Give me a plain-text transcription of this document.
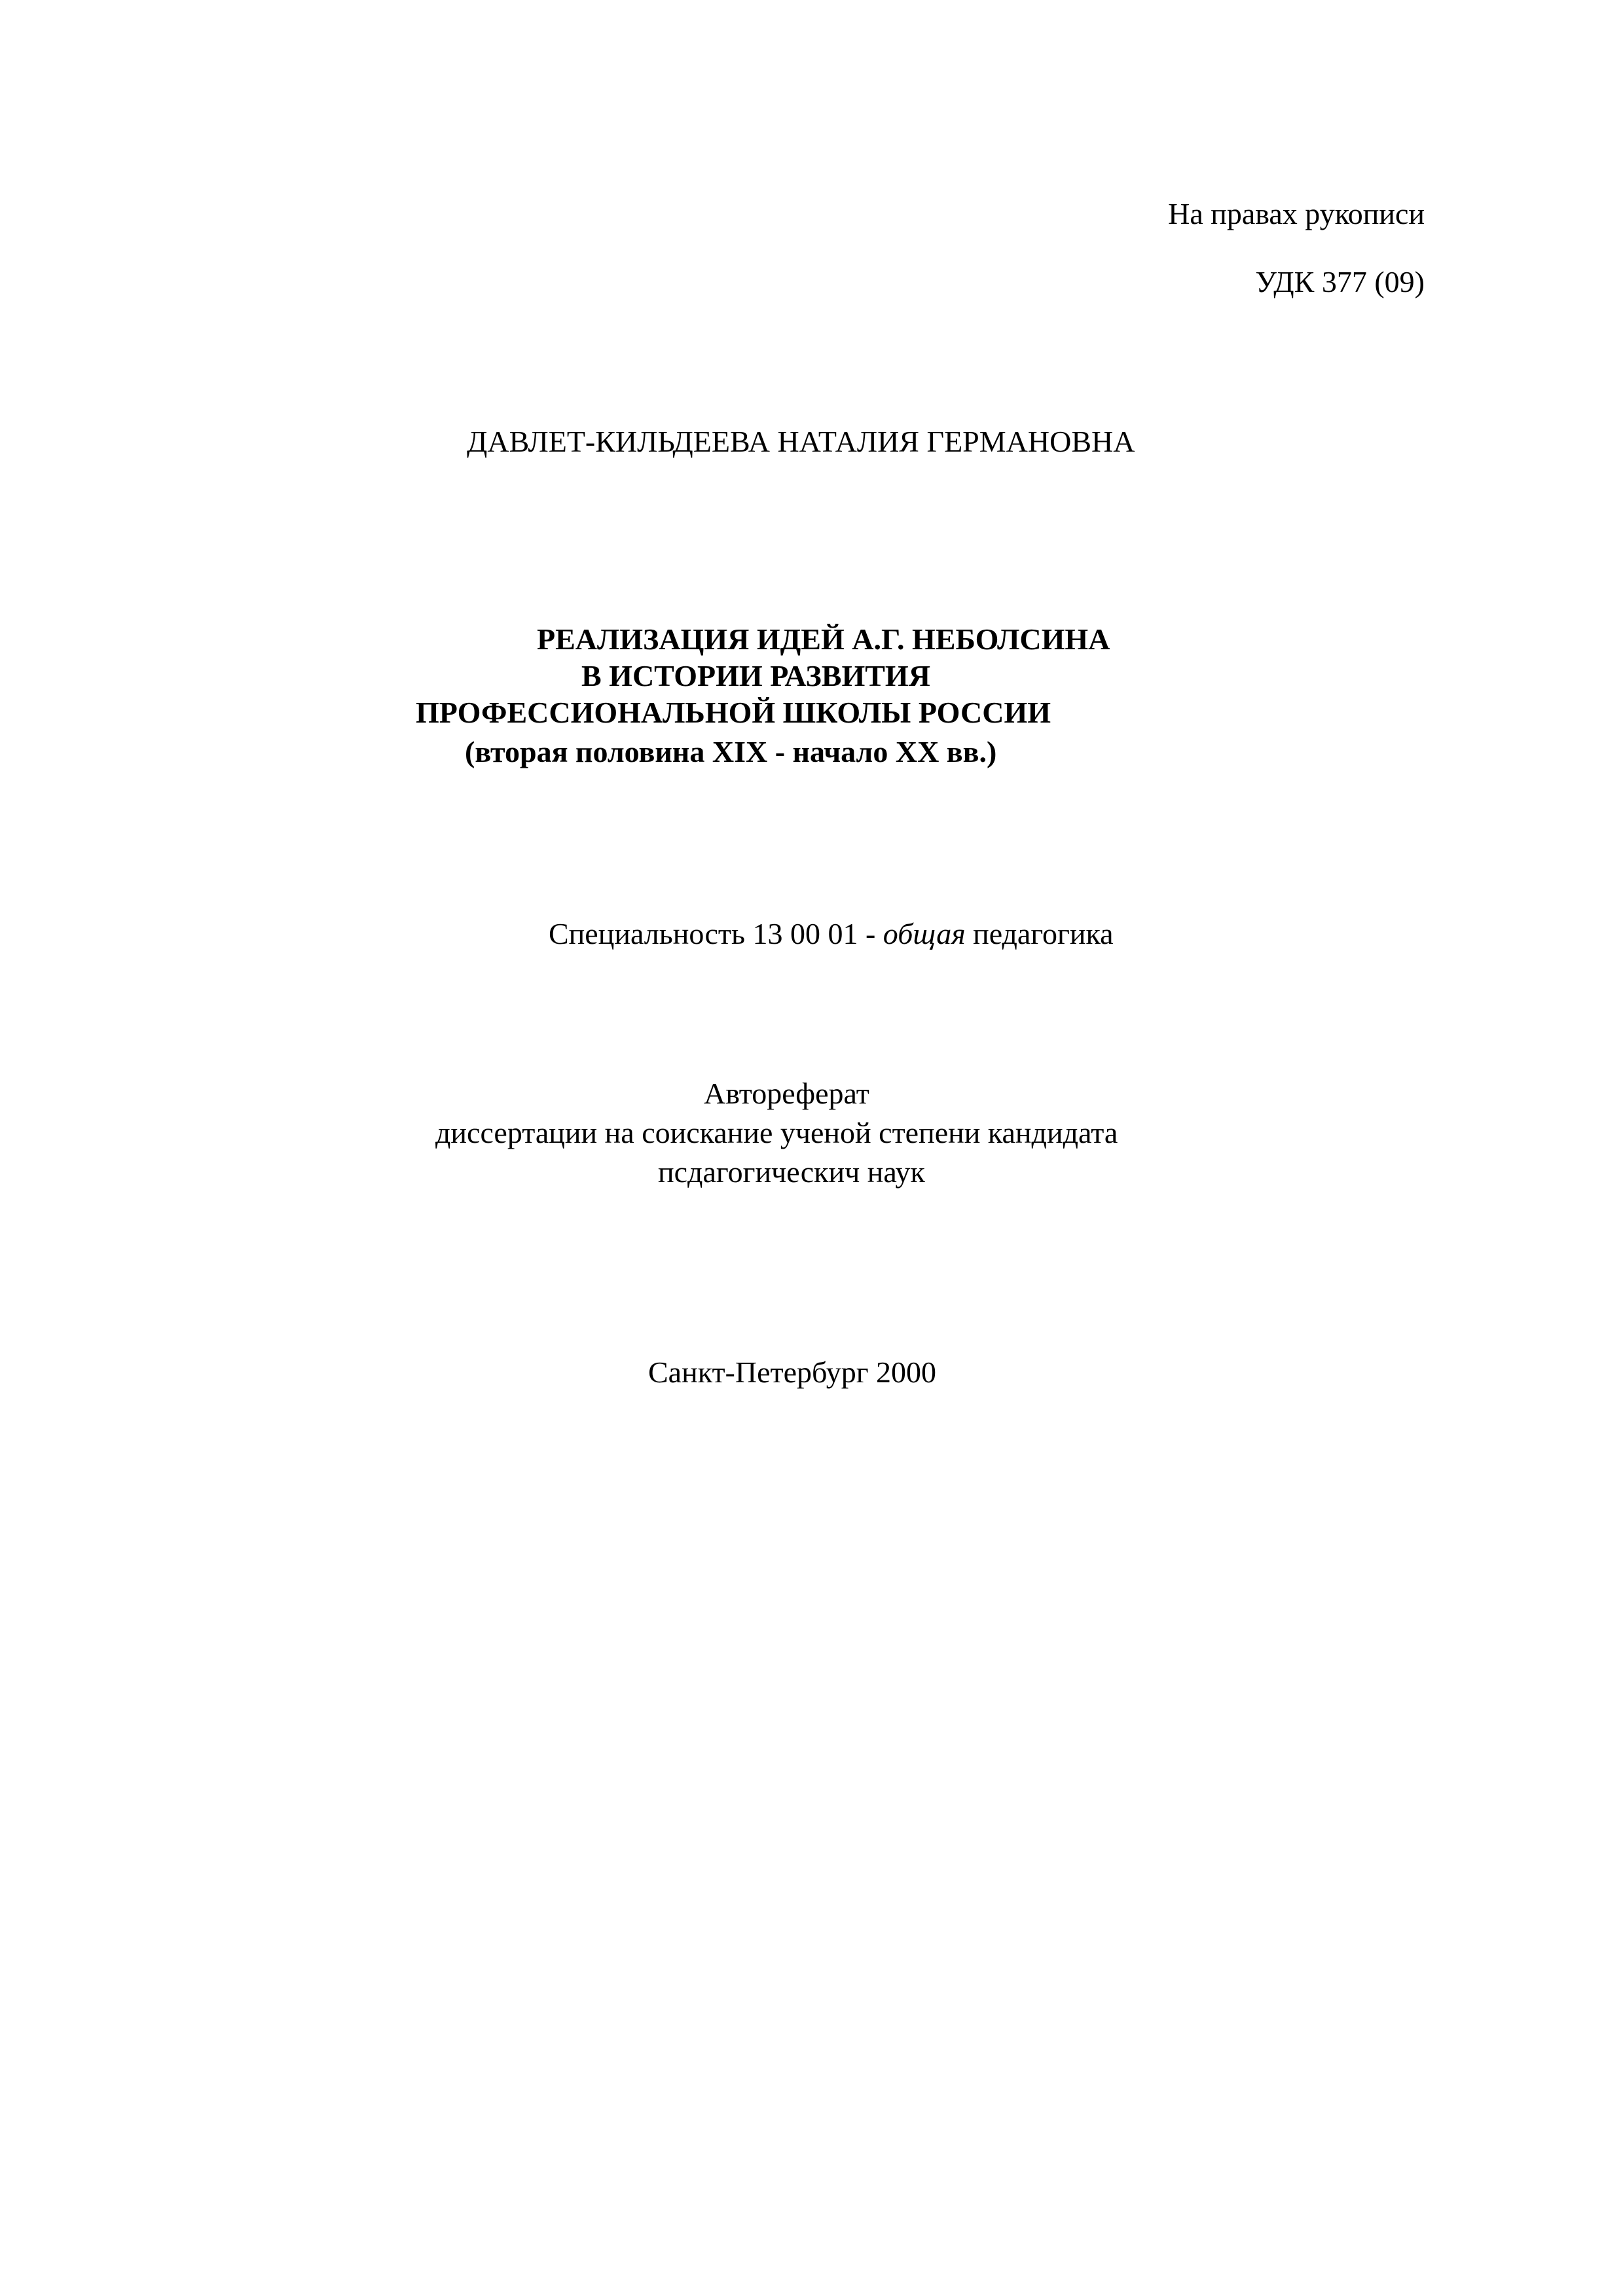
На правах рукописи

УДК 377 (09)

ДАВЛЕТ-КИЛЬДЕЕВА НАТАЛИЯ ГЕРМАНОВНА

РЕАЛИЗАЦИЯ ИДЕЙ А.Г. НЕБОЛСИНА

В ИСТОРИИ РАЗВИТИЯ

ПРОФЕССИОНАЛЬНОЙ ШКОЛЫ РОССИИ

(вторая половина XIX - начало XX вв.)

Специальность 13 00 01 - общая педагогика

Автореферат

диссертации на соискание ученой степени кандидата

псдагогическич наук

Санкт-Петербург 2000
